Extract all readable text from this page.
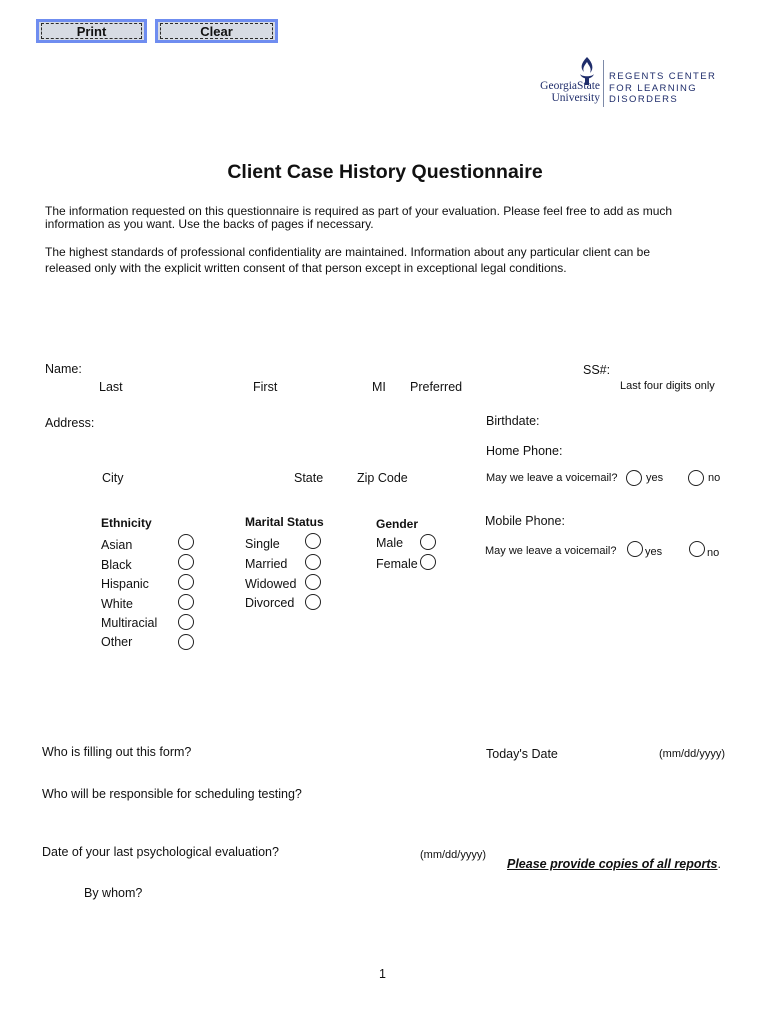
Print	Clear
GeorgiaState
University
REGENTS CENTER
FOR LEARNING
DISORDERS
Client Case History Questionnaire
The information requested on this questionnaire is required as part of your evaluation. Please feel free to add as much
information as you want. Use the backs of pages if necessary.
The highest standards of professional confidentiality are maintained. Information about any particular client can be
released only with the explicit written consent of that person except in exceptional legal conditions.
Name:
Last	First	MI Preferred
SS#:
Last four digits only
Address:
City	State	Zip Code
Birthdate:
Home Phone:
May we leave a voicemail?	yes	no
Mobile Phone:
May we leave a voicemail?	yes	no
Ethnicity
Asian
Black
Hispanic
White
Multiracial
Other
Marital Status
Single
Married
Widowed
Divorced
Gender
Male
Female
Who is filling out this form?	Today's Date	(mm/dd/yyyy)
Who will be responsible for scheduling testing?
Date of your last psychological evaluation?	(mm/dd/yyyy)
Please provide copies of all reports.
By whom?
1
